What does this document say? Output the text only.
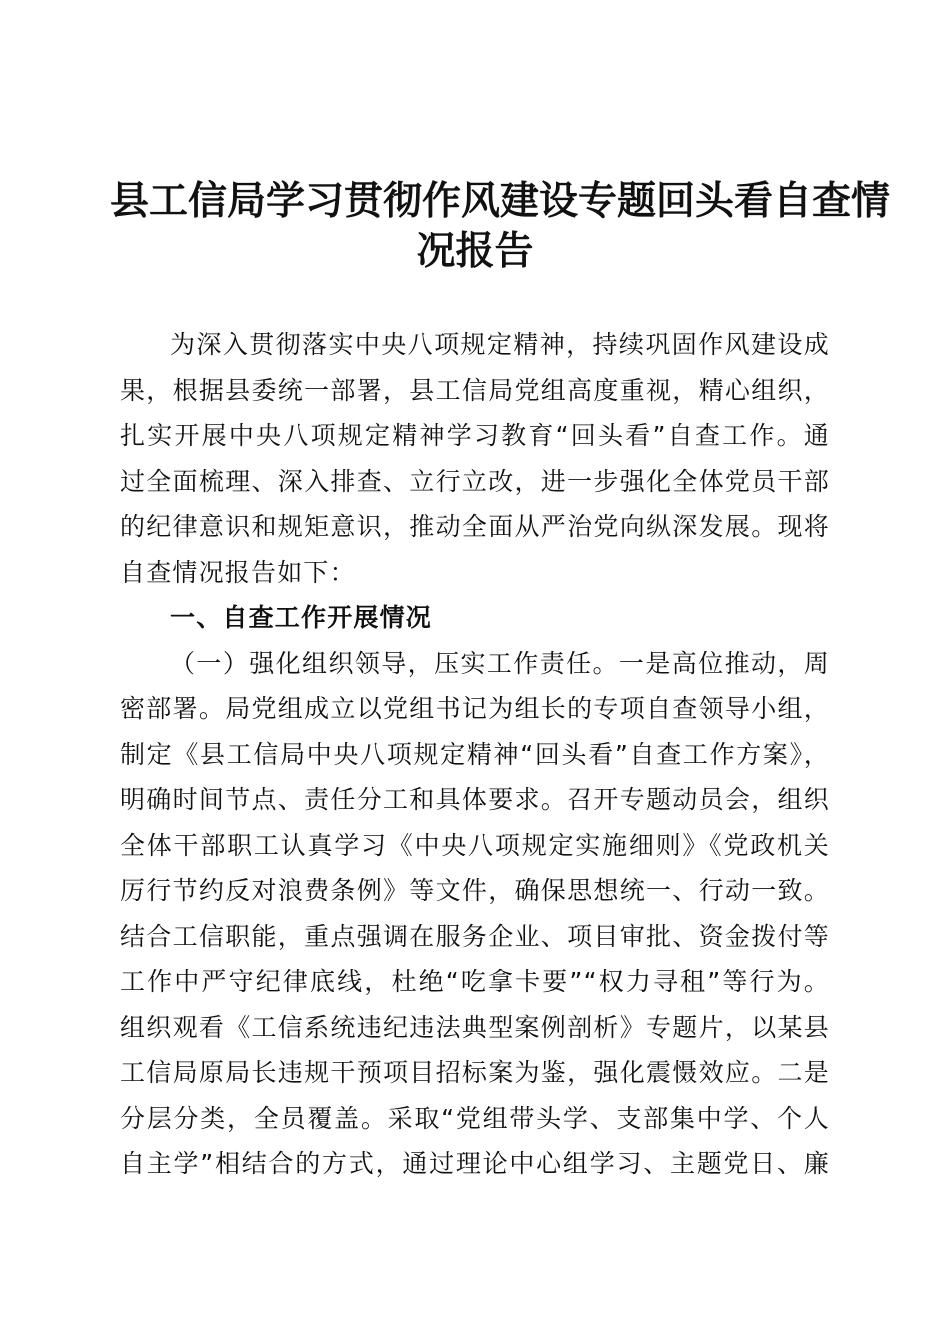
县工信局学习贯彻作风建设专题回头看自查情
况报告
为深入贯彻落实中央八项规定精神，持续巩固作风建设成
果，根据县委统一部署，县工信局党组高度重视，精心组织，
扎实开展中央八项规定精神学习教育“回头看”自查工作。通
过全面梳理、深入排查、立行立改，进一步强化全体党员干部
的纪律意识和规矩意识，推动全面从严治党向纵深发展。现将
自查情况报告如下：
一、自查工作开展情况
（一）强化组织领导，压实工作责任。一是高位推动，周
密部署。局党组成立以党组书记为组长的专项自查领导小组，
制定《县工信局中央八项规定精神“回头看”自查工作方案》，
明确时间节点、责任分工和具体要求。召开专题动员会，组织
全体干部职工认真学习《中央八项规定实施细则》《党政机关
厉行节约反对浪费条例》等文件，确保思想统一、行动一致。
结合工信职能，重点强调在服务企业、项目审批、资金拨付等
工作中严守纪律底线，杜绝“吃拿卡要”“权力寻租”等行为。
组织观看《工信系统违纪违法典型案例剖析》专题片，以某县
工信局原局长违规干预项目招标案为鉴，强化震慑效应。二是
分层分类，全员覆盖。采取“党组带头学、支部集中学、个人
自主学”相结合的方式，通过理论中心组学习、主题党日、廉
